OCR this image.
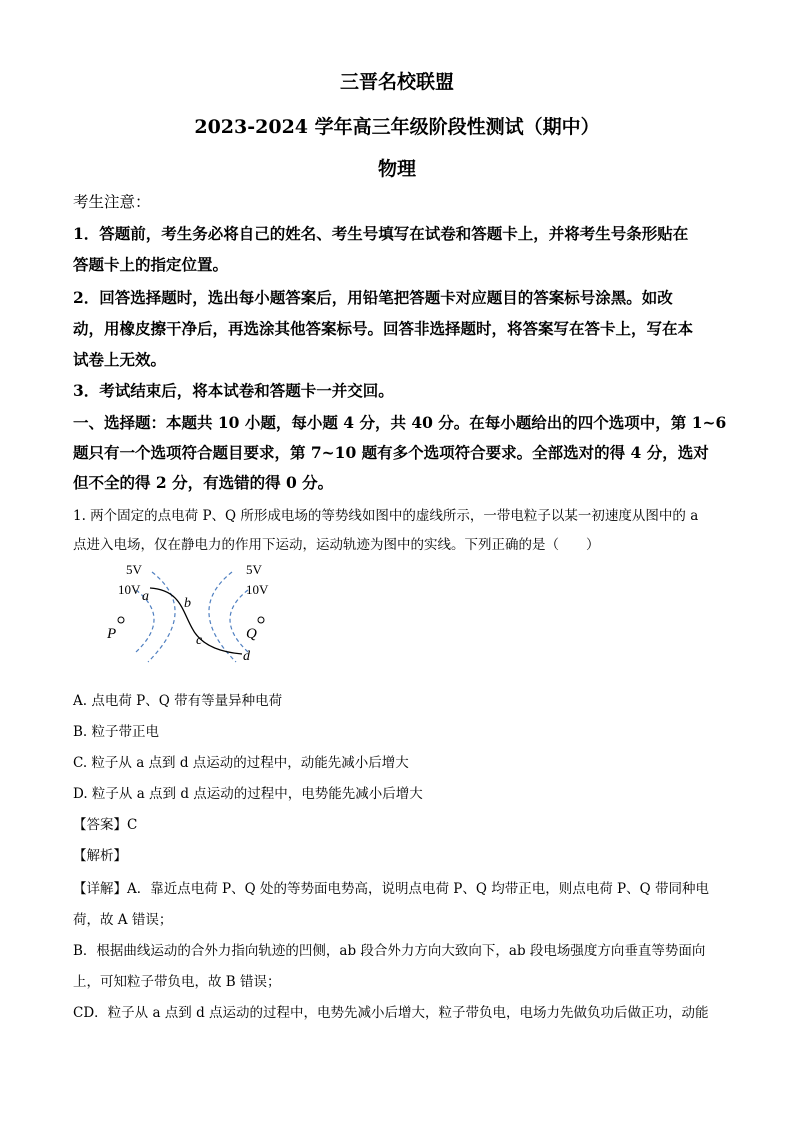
三晋名校联盟
2023-2024 学年高三年级阶段性测试（期中）
物理
考生注意：
1．答题前，考生务必将自己的姓名、考生号填写在试卷和答题卡上，并将考生号条形贴在
答题卡上的指定位置。
2．回答选择题时，选出每小题答案后，用铅笔把答题卡对应题目的答案标号涂黑。如改
动，用橡皮擦干净后，再选涂其他答案标号。回答非选择题时，将答案写在答卡上，写在本
试卷上无效。
3．考试结束后，将本试卷和答题卡一并交回。
一、选择题：本题共 10 小题，每小题 4 分，共 40 分。在每小题给出的四个选项中，第 1~6
题只有一个选项符合题目要求，第 7~10 题有多个选项符合要求。全部选对的得 4 分，选对
但不全的得 2 分，有选错的得 0 分。
1. 两个固定的点电荷 P、Q 所形成电场的等势线如图中的虚线所示，一带电粒子以某一初速度从图中的 a
点进入电场，仅在静电力的作用下运动，运动轨迹为图中的实线。下列正确的是（　　）
5V
10V a	b
c
d
P	Q
5V
10V
A. 点电荷 P、Q 带有等量异种电荷
B. 粒子带正电
C. 粒子从 a 点到 d 点运动的过程中，动能先减小后增大
D. 粒子从 a 点到 d 点运动的过程中，电势能先减小后增大
【答案】C
【解析】
【详解】A．靠近点电荷 P、Q 处的等势面电势高，说明点电荷 P、Q 均带正电，则点电荷 P、Q 带同种电
荷，故 A 错误；
B．根据曲线运动的合外力指向轨迹的凹侧，ab 段合外力方向大致向下，ab 段电场强度方向垂直等势面向
上，可知粒子带负电，故 B 错误；
CD．粒子从 a 点到 d 点运动的过程中，电势先减小后增大，粒子带负电，电场力先做负功后做正功，动能
